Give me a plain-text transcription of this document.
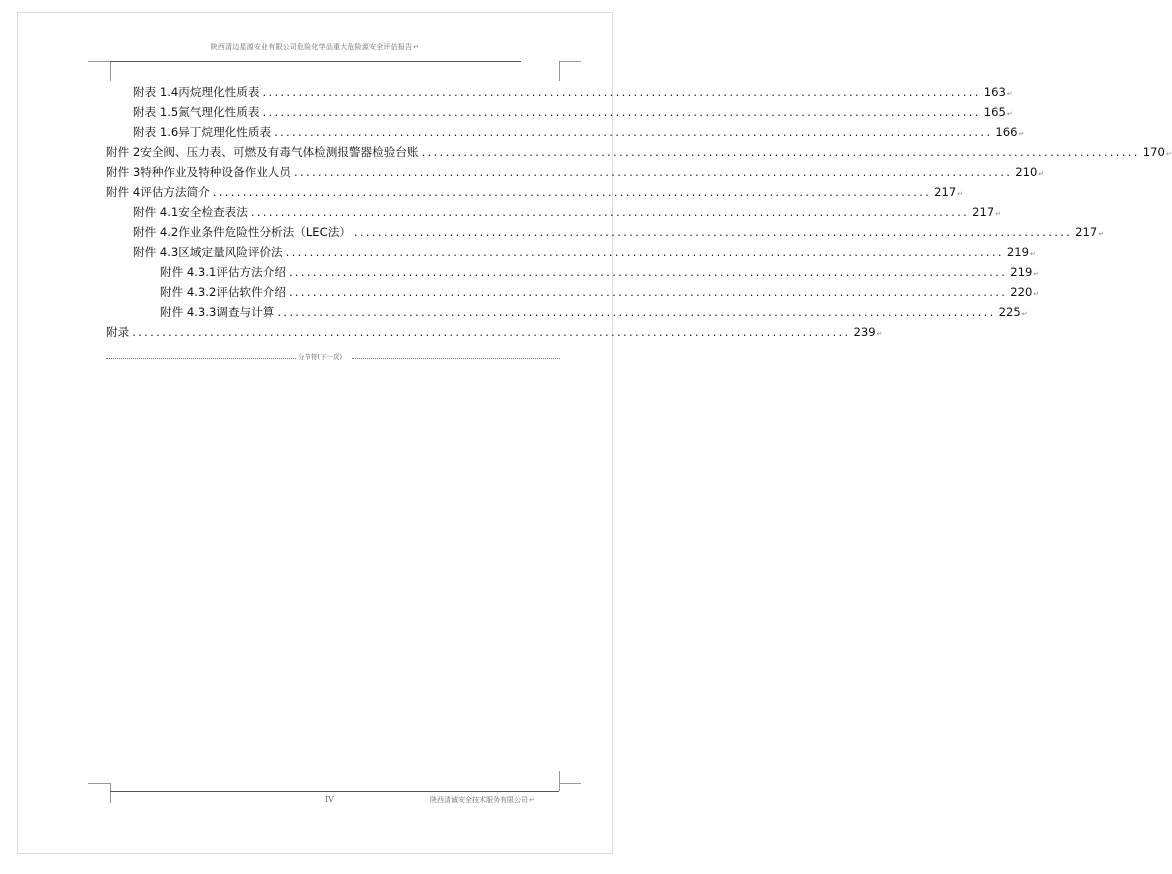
陕西清边星源安业有限公司危险化学品重大危险源安全评估报告↵
附表 1.4丙烷理化性质表 ........................................................................................................................ 163 ↵
附表 1.5氮气理化性质表 ........................................................................................................................ 165 ↵
附表 1.6异丁烷理化性质表 ........................................................................................................................ 166 ↵
附件 2安全阀、压力表、可燃及有毒气体检测报警器检验台账 ........................................................................................................................ 170 ↵
附件 3特种作业及特种设备作业人员 ........................................................................................................................ 210 ↵
附件 4评估方法简介 ........................................................................................................................ 217 ↵
附件 4.1安全检查表法 ........................................................................................................................ 217 ↵
附件 4.2作业条件危险性分析法（LEC法） ........................................................................................................................ 217 ↵
附件 4.3区域定量风险评价法 ........................................................................................................................ 219 ↵
附件 4.3.1评估方法介绍 ........................................................................................................................ 219 ↵
附件 4.3.2评估软件介绍 ........................................................................................................................ 220 ↵
附件 4.3.3调查与计算 ........................................................................................................................ 225 ↵
附录 ........................................................................................................................ 239 ↵
分节符(下一页)
IV	陕西清诚安全技术服务有限公司↵
